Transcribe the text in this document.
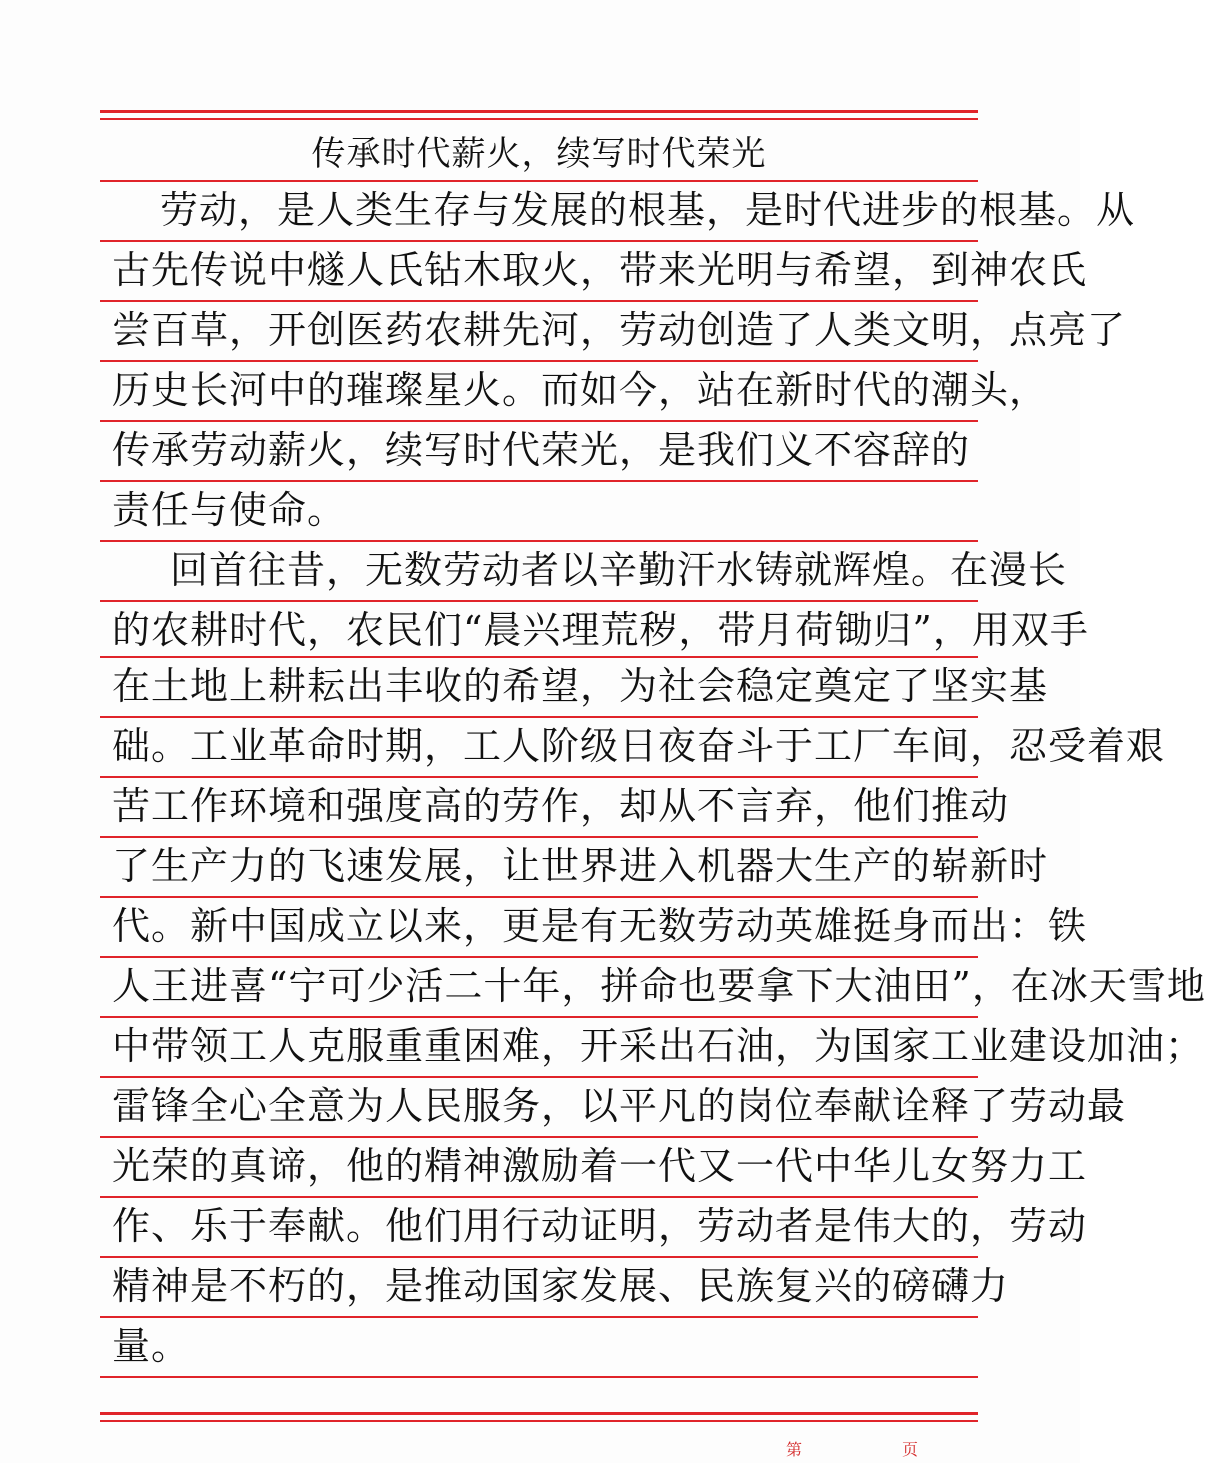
传承时代薪火，续写时代荣光
劳动，是人类生存与发展的根基，是时代进步的根基。从
古先传说中燧人氏钻木取火，带来光明与希望，到神农氏
尝百草，开创医药农耕先河，劳动创造了人类文明，点亮了
历史长河中的璀璨星火。而如今，站在新时代的潮头，
传承劳动薪火，续写时代荣光，是我们义不容辞的
责任与使命。
回首往昔，无数劳动者以辛勤汗水铸就辉煌。在漫长
的农耕时代，农民们“晨兴理荒秽，带月荷锄归”，用双手
在土地上耕耘出丰收的希望，为社会稳定奠定了坚实基
础。工业革命时期，工人阶级日夜奋斗于工厂车间，忍受着艰
苦工作环境和强度高的劳作，却从不言弃，他们推动
了生产力的飞速发展，让世界进入机器大生产的崭新时
代。新中国成立以来，更是有无数劳动英雄挺身而出：铁
人王进喜“宁可少活二十年，拼命也要拿下大油田”，在冰天雪地
中带领工人克服重重困难，开采出石油，为国家工业建设加油；
雷锋全心全意为人民服务，以平凡的岗位奉献诠释了劳动最
光荣的真谛，他的精神激励着一代又一代中华儿女努力工
作、乐于奉献。他们用行动证明，劳动者是伟大的，劳动
精神是不朽的，是推动国家发展、民族复兴的磅礴力
量。
第	页
